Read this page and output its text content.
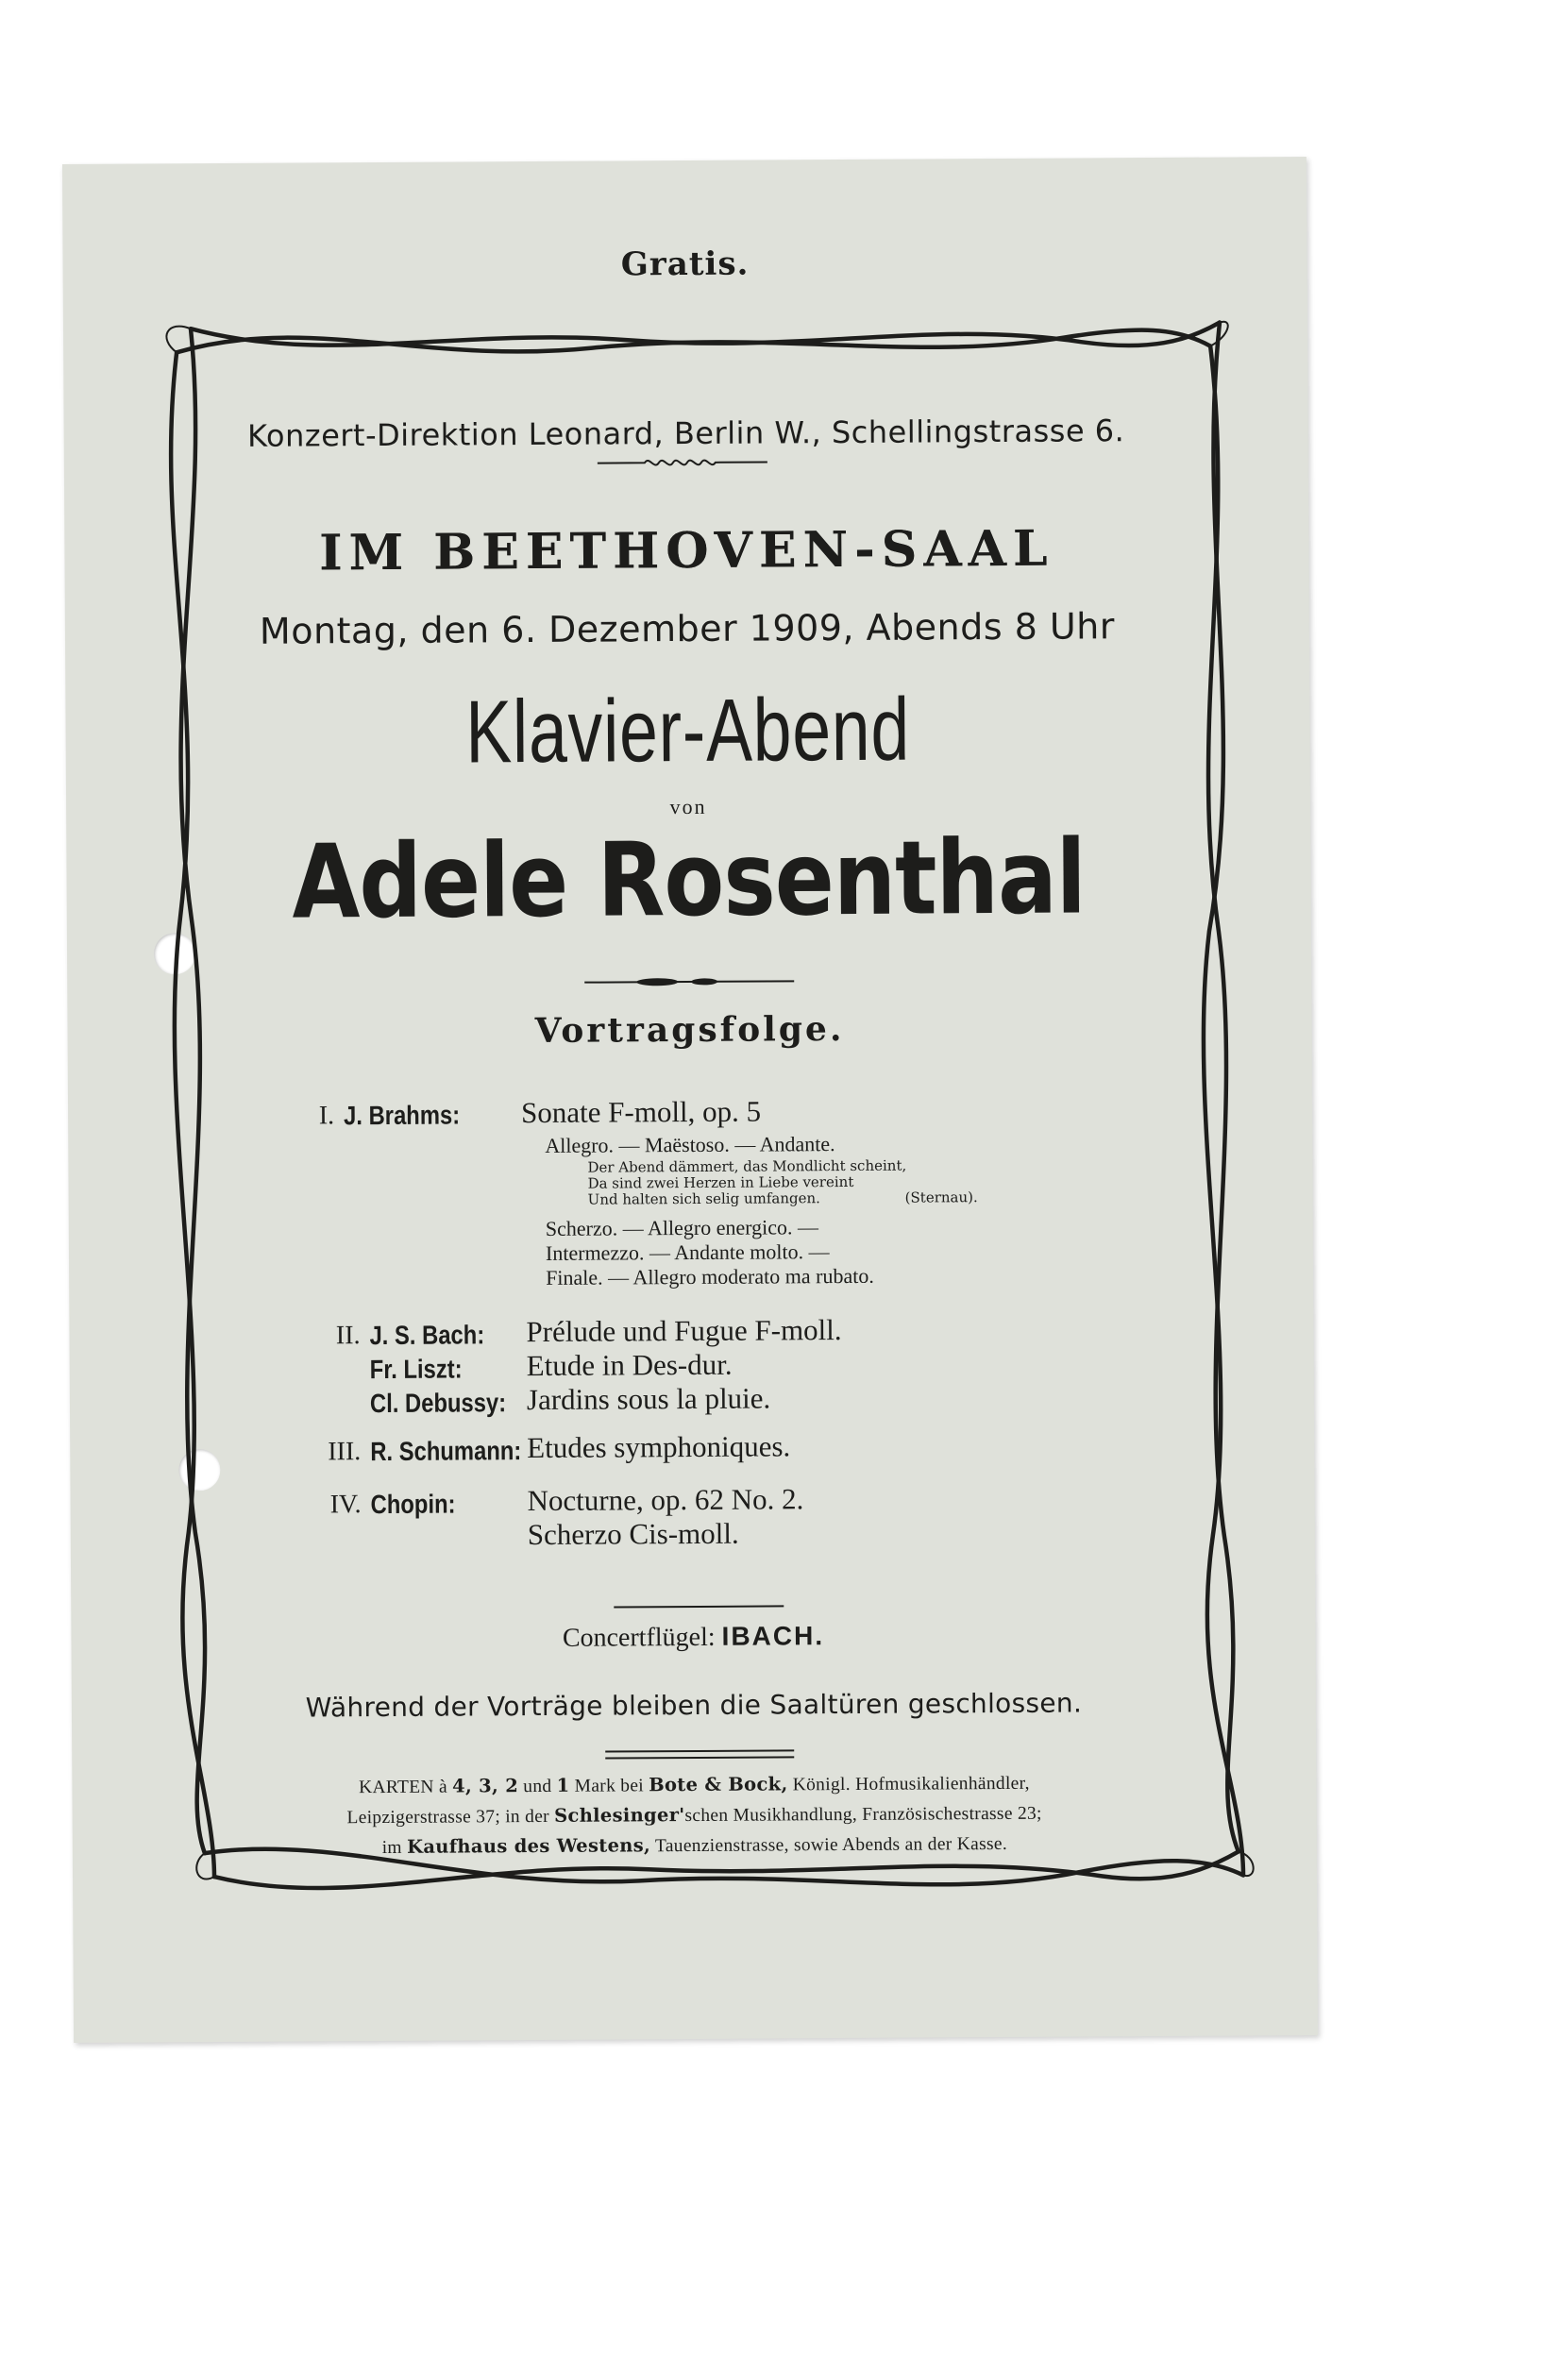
Gratis.
Konzert-Direktion Leonard, Berlin W., Schellingstrasse 6.
IM BEETHOVEN-SAAL
Montag, den 6. Dezember 1909, Abends 8 Uhr
Klavier-Abend
von
Adele Rosenthal
Vortragsfolge.
I. J. Brahms: Sonate F-moll, op. 5
Allegro. — Maëstoso. — Andante.
Der Abend dämmert, das Mondlicht scheint,
Da sind zwei Herzen in Liebe vereint
Und halten sich selig umfangen.	(Sternau).
Scherzo. — Allegro energico. —
Intermezzo. — Andante molto. —
Finale. — Allegro moderato ma rubato.
II. J. S. Bach: Prélude und Fugue F-moll.
Fr. Liszt: Etude in Des-dur.
Cl. Debussy: Jardins sous la pluie.
III. R. Schumann: Etudes symphoniques.
IV. Chopin: Nocturne, op. 62 No. 2.
Scherzo Cis-moll.
Concertflügel: IBACH.
Während der Vorträge bleiben die Saaltüren geschlossen.
KARTEN à 4, 3, 2 und 1 Mark bei Bote & Bock, Königl. Hofmusikalienhändler,
Leipzigerstrasse 37; in der Schlesinger'schen Musikhandlung, Französischestrasse 23;
im Kaufhaus des Westens, Tauenzienstrasse, sowie Abends an der Kasse.
